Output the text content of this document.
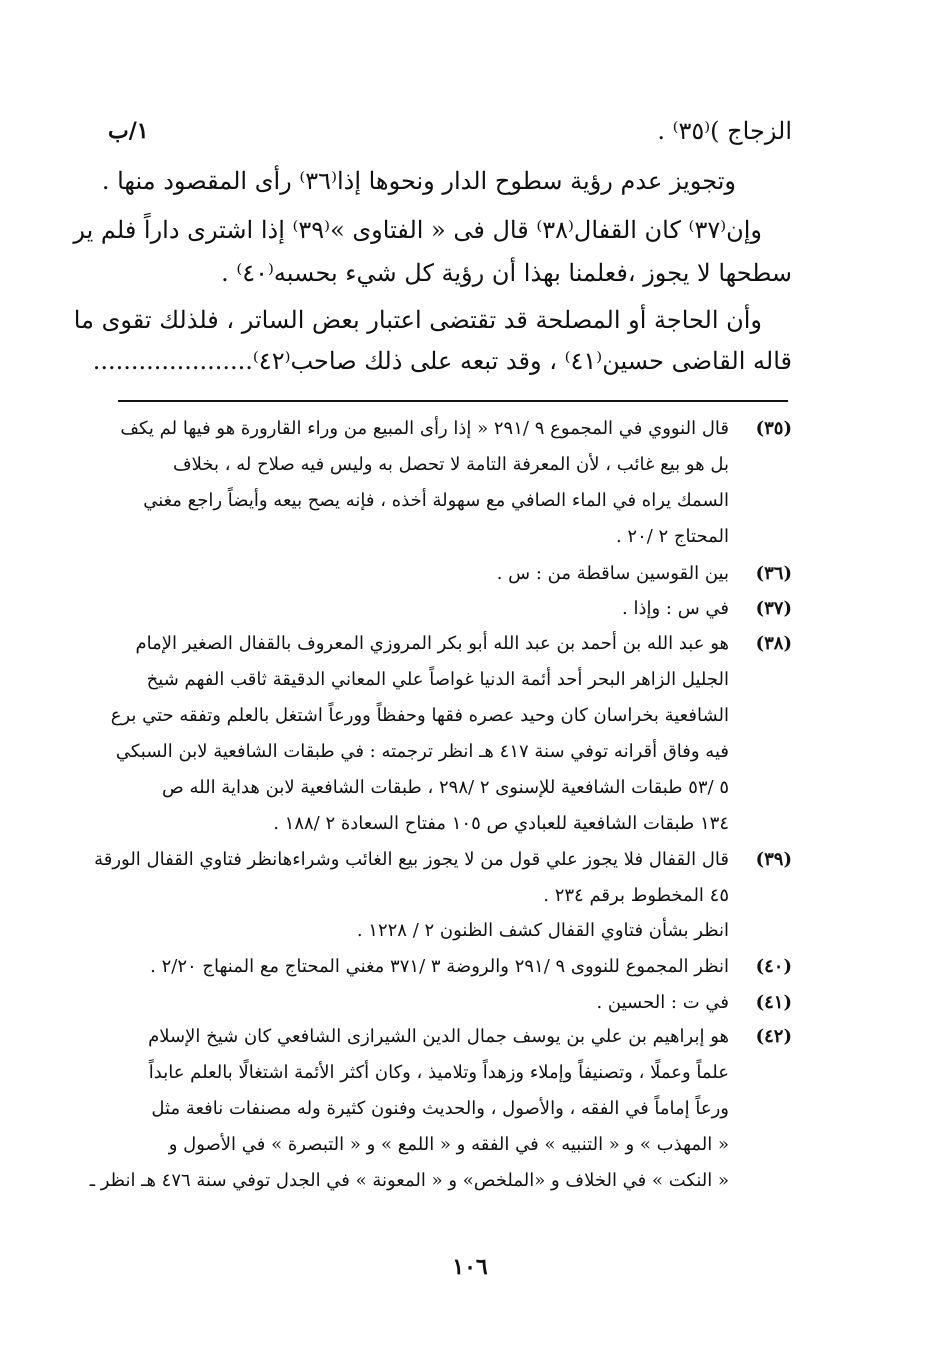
١/ب	الزجاج )⁽٣٥⁾ .
وتجويز عدم رؤية سطوح الدار ونحوها إذا⁽٣٦⁾ رأى المقصود منها .
وإن⁽٣٧⁾ كان القفال⁽٣٨⁾ قال فى « الفتاوى »⁽٣٩⁾ إذا اشترى داراً فلم ير
سطحها لا يجوز ،فعلمنا بهذا أن رؤية كل شيء بحسبه⁽٤٠⁾ .
وأن الحاجة أو المصلحة قد تقتضى اعتبار بعض الساتر ، فلذلك تقوى ما
قاله القاضى حسين⁽٤١⁾ ، وقد تبعه على ذلك صاحب⁽٤٢⁾.....................
(٣٥)
(٣٦)
(٣٧)
(٣٨)
(٣٩)
(٤٠)
(٤١)
(٤٢)
قال النووي في المجموع ٩ /٢٩١ « إذا رأى المبيع من وراء القارورة هو فيها لم يكف
بل هو بيع غائب ، لأن المعرفة التامة لا تحصل به وليس فيه صلاح له ، بخلاف
السمك يراه في الماء الصافي مع سهولة أخذه ، فإنه يصح بيعه وأيضاً راجع مغني
المحتاج ٢ /٢٠ .
بين القوسين ساقطة من : س .
في س : وإذا .
هو عبد الله بن أحمد بن عبد الله أبو بكر المروزي المعروف بالقفال الصغير الإمام
الجليل الزاهر البحر أحد أئمة الدنيا غواصاً علي المعاني الدقيقة ثاقب الفهم شيخ
الشافعية بخراسان كان وحيد عصره فقها وحفظاً وورعاً اشتغل بالعلم وتفقه حتي برع
فيه وفاق أقرانه توفي سنة ٤١٧ هـ انظر ترجمته : في طبقات الشافعية لابن السبكي
٥ /٥٣ طبقات الشافعية للإسنوى ٢ /٢٩٨ ، طبقات الشافعية لابن هداية الله ص
١٣٤ طبقات الشافعية للعبادي ص ١٠٥ مفتاح السعادة ٢ /١٨٨ .
قال القفال فلا يجوز علي قول من لا يجوز بيع الغائب وشراءهانظر فتاوي القفال الورقة
٤٥ المخطوط برقم ٢٣٤ .
انظر بشأن فتاوي القفال كشف الظنون ٢ / ١٢٢٨ .
انظر المجموع للنووى ٩ /٢٩١ والروضة ٣ /٣٧١ مغني المحتاج مع المنهاج ٢/٢٠ .
في ت : الحسين .
هو إبراهيم بن علي بن يوسف جمال الدين الشيرازى الشافعي كان شيخ الإسلام
علماً وعملًا ، وتصنيفاً وإملاء وزهداً وتلاميذ ، وكان أكثر الأئمة اشتغالًا بالعلم عابداً
ورعاً إماماً في الفقه ، والأصول ، والحديث وفنون كثيرة وله مصنفات نافعة مثل
« المهذب » و « التنبيه » في الفقه و « اللمع » و « التبصرة » في الأصول و
« النكت » في الخلاف و «الملخص» و « المعونة » في الجدل توفي سنة ٤٧٦ هـ انظر ـ
١٠٦
